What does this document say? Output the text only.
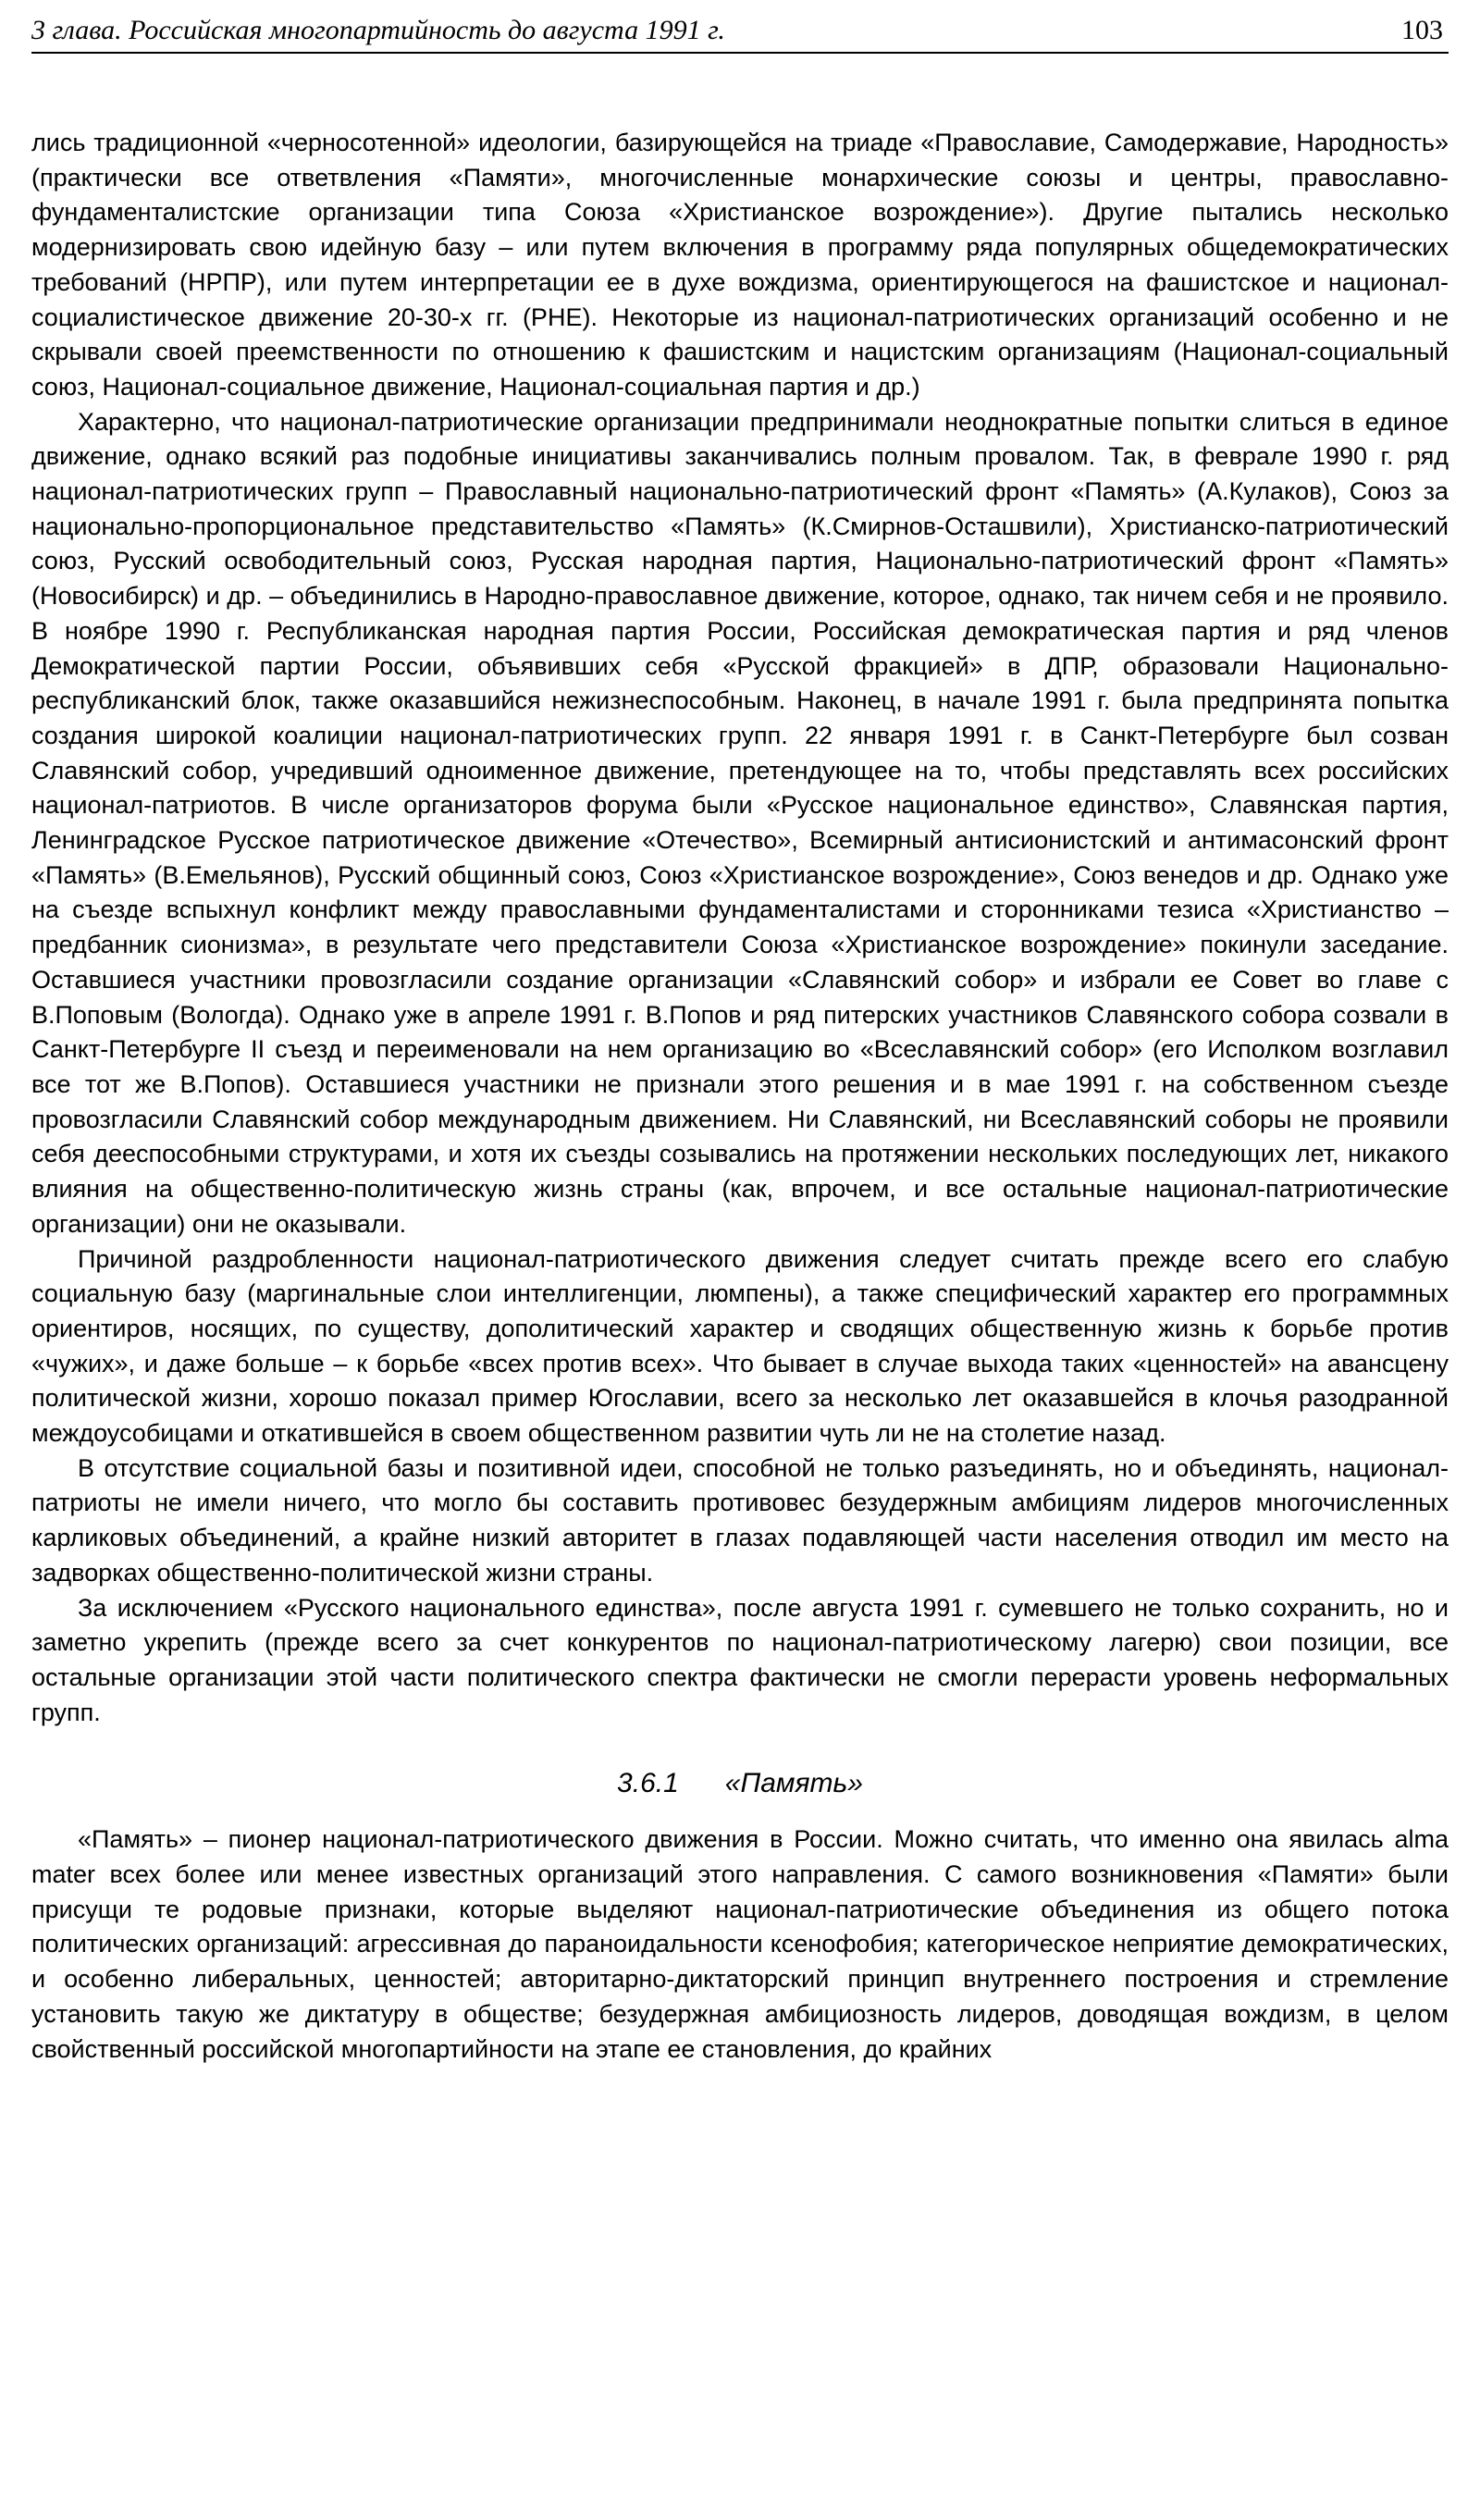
3 глава. Российская многопартийность до августа 1991 г.	103

лись традиционной «черносотенной» идеологии, базирующейся на триаде «Православие, Самодержавие, Народность» (практически все ответвления «Памяти», многочисленные монархические союзы и центры, православно-фундаменталистские организации типа Союза «Христианское возрождение»). Другие пытались несколько модернизировать свою идейную базу – или путем включения в программу ряда популярных общедемократических требований (НРПР), или путем интерпретации ее в духе вождизма, ориентирующегося на фашистское и национал-социалистическое движение 20-30-х гг. (РНЕ). Некоторые из национал-патриотических организаций особенно и не скрывали своей преемственности по отношению к фашистским и нацистским организациям (Национал-социальный союз, Национал-социальное движение, Национал-социальная партия и др.)

Характерно, что национал-патриотические организации предпринимали неоднократные попытки слиться в единое движение, однако всякий раз подобные инициативы заканчивались полным провалом. Так, в феврале 1990 г. ряд национал-патриотических групп – Православный национально-патриотический фронт «Память» (А.Кулаков), Союз за национально-пропорциональное представительство «Память» (К.Смирнов-Осташвили), Христианско-патриотический союз, Русский освободительный союз, Русская народная партия, Национально-патриотический фронт «Память» (Новосибирск) и др. – объединились в Народно-православное движение, которое, однако, так ничем себя и не проявило. В ноябре 1990 г. Республиканская народная партия России, Российская демократическая партия и ряд членов Демократической партии России, объявивших себя «Русской фракцией» в ДПР, образовали Национально-республиканский блок, также оказавшийся нежизнеспособным. Наконец, в начале 1991 г. была предпринята попытка создания широкой коалиции национал-патриотических групп. 22 января 1991 г. в Санкт-Петербурге был созван Славянский собор, учредивший одноименное движение, претендующее на то, чтобы представлять всех российских национал-патриотов. В числе организаторов форума были «Русское национальное единство», Славянская партия, Ленинградское Русское патриотическое движение «Отечество», Всемирный антисионистский и антимасонский фронт «Память» (В.Емельянов), Русский общинный союз, Союз «Христианское возрождение», Союз венедов и др. Однако уже на съезде вспыхнул конфликт между православными фундаменталистами и сторонниками тезиса «Христианство – предбанник сионизма», в результате чего представители Союза «Христианское возрождение» покинули заседание. Оставшиеся участники провозгласили создание организации «Славянский собор» и избрали ее Совет во главе с В.Поповым (Вологда). Однако уже в апреле 1991 г. В.Попов и ряд питерских участников Славянского собора созвали в Санкт-Петербурге II съезд и переименовали на нем организацию во «Всеславянский собор» (его Исполком возглавил все тот же В.Попов). Оставшиеся участники не признали этого решения и в мае 1991 г. на собственном съезде провозгласили Славянский собор международным движением. Ни Славянский, ни Всеславянский соборы не проявили себя дееспособными структурами, и хотя их съезды созывались на протяжении нескольких последующих лет, никакого влияния на общественно-политическую жизнь страны (как, впрочем, и все остальные национал-патриотические организации) они не оказывали.

Причиной раздробленности национал-патриотического движения следует считать прежде всего его слабую социальную базу (маргинальные слои интеллигенции, люмпены), а также специфический характер его программных ориентиров, носящих, по существу, дополитический характер и сводящих общественную жизнь к борьбе против «чужих», и даже больше – к борьбе «всех против всех». Что бывает в случае выхода таких «ценностей» на авансцену политической жизни, хорошо показал пример Югославии, всего за несколько лет оказавшейся в клочья разодранной междоусобицами и откатившейся в своем общественном развитии чуть ли не на столетие назад.

В отсутствие социальной базы и позитивной идеи, способной не только разъединять, но и объединять, национал-патриоты не имели ничего, что могло бы составить противовес безудержным амбициям лидеров многочисленных карликовых объединений, а крайне низкий авторитет в глазах подавляющей части населения отводил им место на задворках общественно-политической жизни страны.

За исключением «Русского национального единства», после августа 1991 г. сумевшего не только сохранить, но и заметно укрепить (прежде всего за счет конкурентов по национал-патриотическому лагерю) свои позиции, все остальные организации этой части политического спектра фактически не смогли перерасти уровень неформальных групп.

3.6.1 «Память»

«Память» – пионер национал-патриотического движения в России. Можно считать, что именно она явилась alma mater всех более или менее известных организаций этого направления. С самого возникновения «Памяти» были присущи те родовые признаки, которые выделяют национал-патриотические объединения из общего потока политических организаций: агрессивная до параноидальности ксенофобия; категорическое неприятие демократических, и особенно либеральных, ценностей; авторитарно-диктаторский принцип внутреннего построения и стремление установить такую же диктатуру в обществе; безудержная амбициозность лидеров, доводящая вождизм, в целом свойственный российской многопартийности на этапе ее становления, до крайних
